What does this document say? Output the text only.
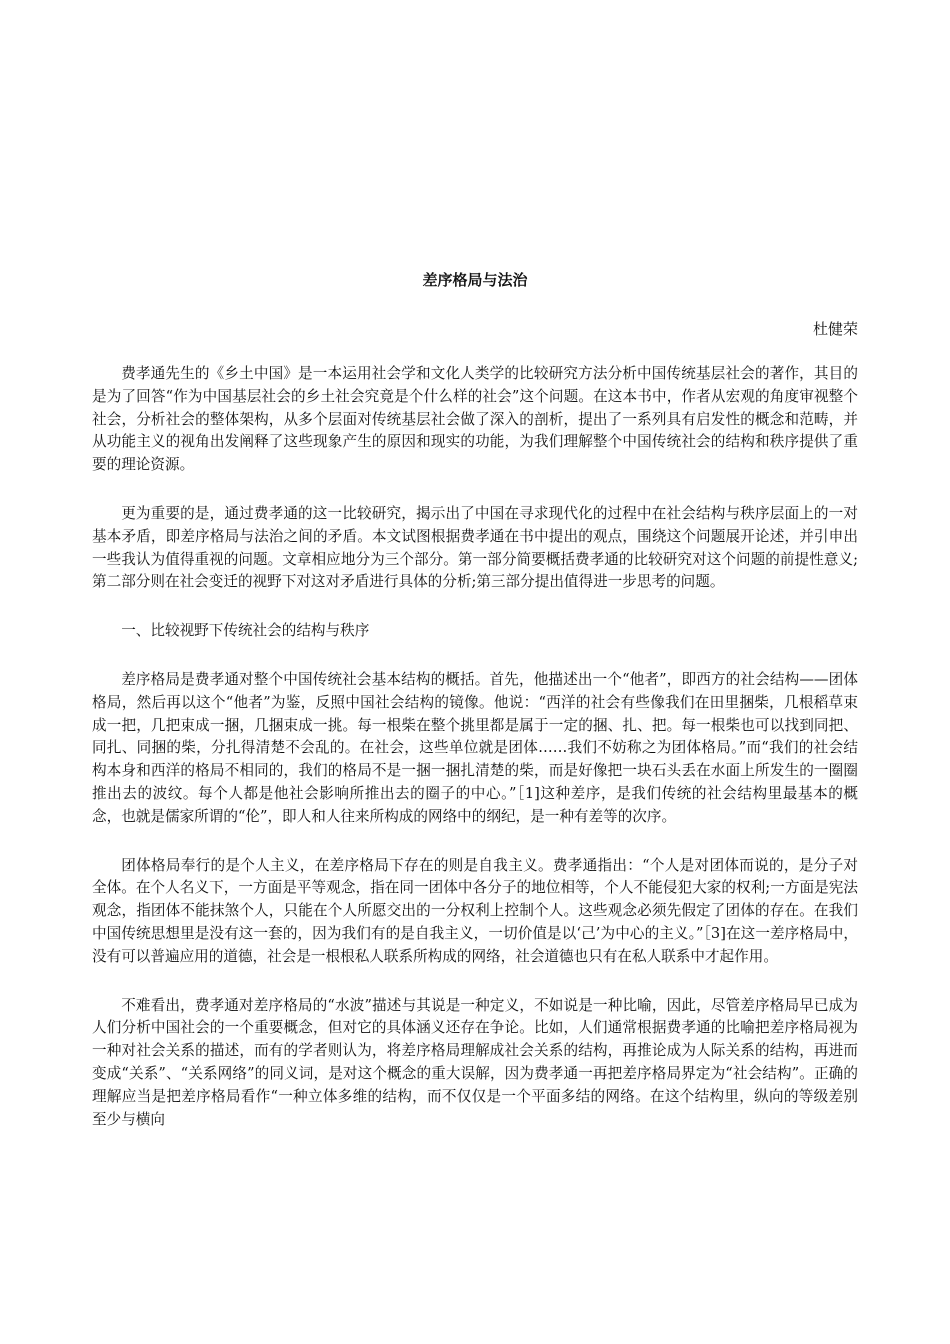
差序格局与法治
杜健荣

费孝通先生的《乡土中国》是一本运用社会学和文化人类学的比较研究方法分析中国传统基层社会的著作，其目的是为了回答“作为中国基层社会的乡土社会究竟是个什么样的社会”这个问题。在这本书中，作者从宏观的角度审视整个社会，分析社会的整体架构，从多个层面对传统基层社会做了深入的剖析，提出了一系列具有启发性的概念和范畴，并从功能主义的视角出发阐释了这些现象产生的原因和现实的功能，为我们理解整个中国传统社会的结构和秩序提供了重要的理论资源。

更为重要的是，通过费孝通的这一比较研究，揭示出了中国在寻求现代化的过程中在社会结构与秩序层面上的一对基本矛盾，即差序格局与法治之间的矛盾。本文试图根据费孝通在书中提出的观点，围绕这个问题展开论述，并引申出一些我认为值得重视的问题。文章相应地分为三个部分。第一部分简要概括费孝通的比较研究对这个问题的前提性意义;第二部分则在社会变迁的视野下对这对矛盾进行具体的分析;第三部分提出值得进一步思考的问题。

一、比较视野下传统社会的结构与秩序

差序格局是费孝通对整个中国传统社会基本结构的概括。首先，他描述出一个“他者”，即西方的社会结构——团体格局，然后再以这个“他者”为鉴，反照中国社会结构的镜像。他说：“西洋的社会有些像我们在田里捆柴，几根稻草束成一把，几把束成一捆，几捆束成一挑。每一根柴在整个挑里都是属于一定的捆、扎、把。每一根柴也可以找到同把、同扎、同捆的柴，分扎得清楚不会乱的。在社会，这些单位就是团体……我们不妨称之为团体格局。”而“我们的社会结构本身和西洋的格局不相同的，我们的格局不是一捆一捆扎清楚的柴，而是好像把一块石头丢在水面上所发生的一圈圈推出去的波纹。每个人都是他社会影响所推出去的圈子的中心。”［1]这种差序，是我们传统的社会结构里最基本的概念，也就是儒家所谓的“伦”，即人和人往来所构成的网络中的纲纪，是一种有差等的次序。

团体格局奉行的是个人主义，在差序格局下存在的则是自我主义。费孝通指出：“个人是对团体而说的，是分子对全体。在个人名义下，一方面是平等观念，指在同一团体中各分子的地位相等，个人不能侵犯大家的权利;一方面是宪法观念，指团体不能抹煞个人，只能在个人所愿交出的一分权利上控制个人。这些观念必须先假定了团体的存在。在我们中国传统思想里是没有这一套的，因为我们有的是自我主义，一切价值是以‘己’为中心的主义。”［3]在这一差序格局中，没有可以普遍应用的道德，社会是一根根私人联系所构成的网络，社会道德也只有在私人联系中才起作用。

不难看出，费孝通对差序格局的“水波”描述与其说是一种定义，不如说是一种比喻，因此，尽管差序格局早已成为人们分析中国社会的一个重要概念，但对它的具体涵义还存在争论。比如，人们通常根据费孝通的比喻把差序格局视为一种对社会关系的描述，而有的学者则认为，将差序格局理解成社会关系的结构，再推论成为人际关系的结构，再进而变成“关系”、“关系网络”的同义词，是对这个概念的重大误解，因为费孝通一再把差序格局界定为“社会结构”。正确的理解应当是把差序格局看作“一种立体多维的结构，而不仅仅是一个平面多结的网络。在这个结构里，纵向的等级差别至少与横向
